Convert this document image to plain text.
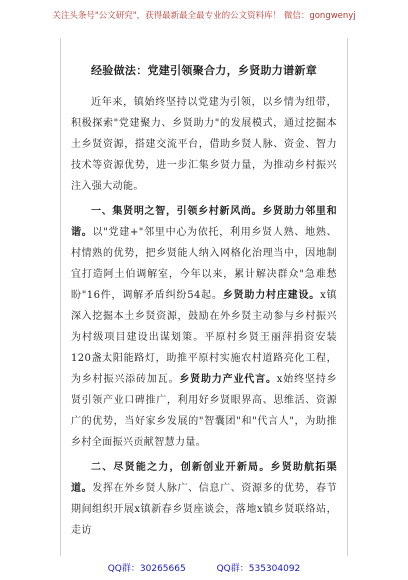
关注头条号"公文研究"，获得最新最全最专业的公文资料库！ 微信：gongwenyj

经验做法：党建引领聚合力，乡贤助力谱新章

近年来，镇始终坚持以党建为引领，以乡情为纽带，积极探索"党建聚力、乡贤助力"的发展模式，通过挖掘本土乡贤资源，搭建交流平台，借助乡贤人脉、资金、智力技术等资源优势，进一步汇集乡贤力量，为推动乡村振兴注入强大动能。

一、集贤明之智，引领乡村新风尚。乡贤助力邻里和谐。以"党建+"邻里中心为依托，利用乡贤人熟、地熟、村情熟的优势，把乡贤能人纳入网格化治理当中，因地制宜打造阿土伯调解室，今年以来，累计解决群众"急难愁盼"16件，调解矛盾纠纷54起。乡贤助力村庄建设。x镇深入挖掘本土乡贤资源，鼓励在外乡贤主动参与乡村振兴为村级项目建设出谋划策。平原村乡贤王丽萍捐资安装120盏太阳能路灯，助推平原村实施农村道路亮化工程，为乡村振兴添砖加瓦。乡贤助力产业代言。x始终坚持乡贤引领产业口碑推广，利用好乡贤眼界高、思维活、资源广的优势，当好家乡发展的"智囊团"和"代言人"，为助推乡村全面振兴贡献智慧力量。

二、尽贤能之力，创新创业开新局。乡贤助航拓渠道。发挥在外乡贤人脉广、信息广、资源多的优势，春节期间组织开展x镇新春乡贤座谈会，落地x镇乡贤联络站，走访

QQ群：30265665	QQ群：535304092
